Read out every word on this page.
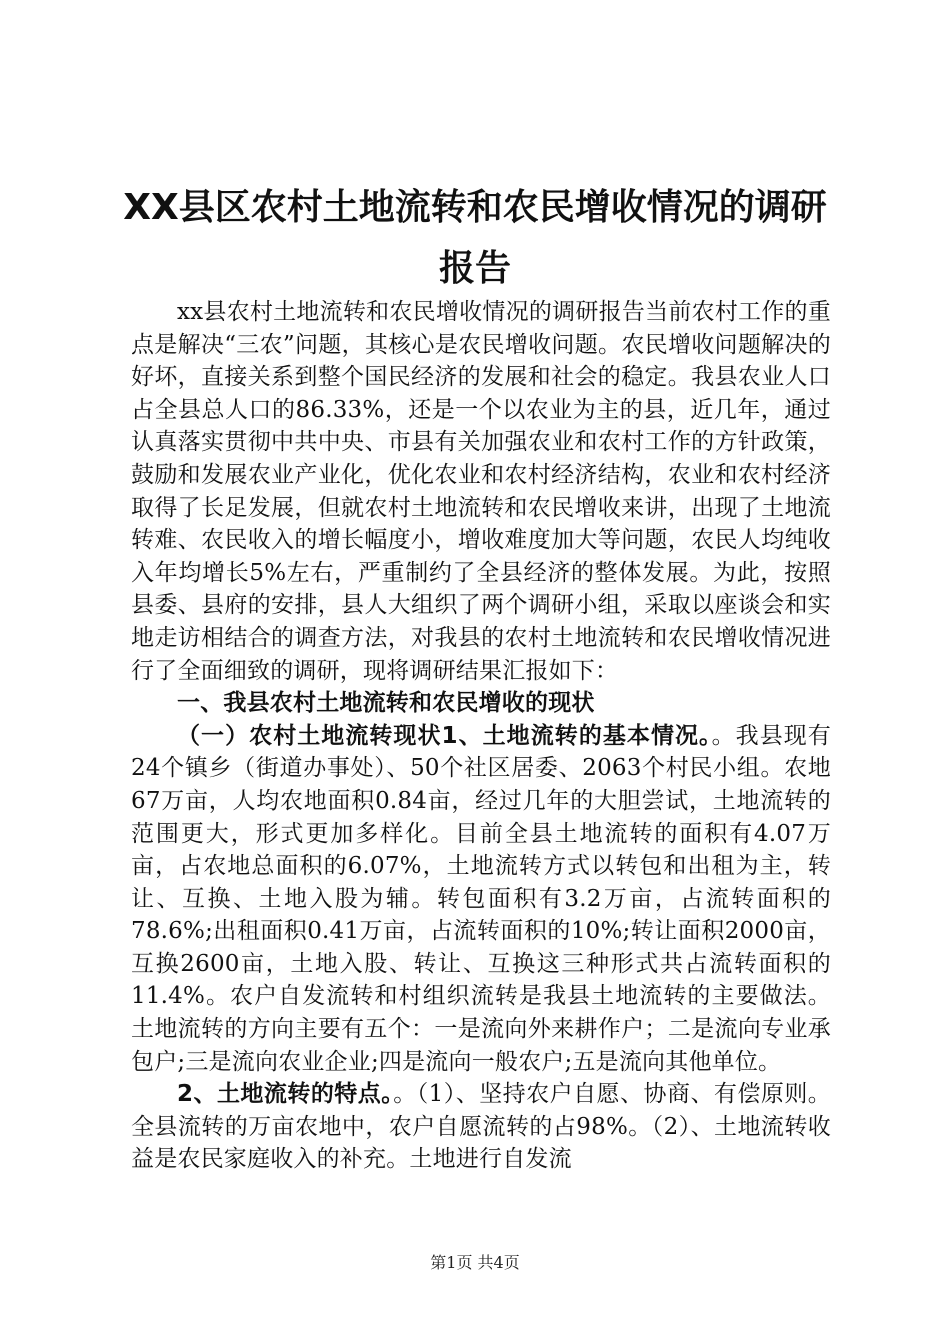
XX县区农村土地流转和农民增收情况的调研
报告

xx县农村土地流转和农民增收情况的调研报告当前农村工作的重点是解决“三农”问题，其核心是农民增收问题。农民增收问题解决的好坏，直接关系到整个国民经济的发展和社会的稳定。我县农业人口占全县总人口的86.33%，还是一个以农业为主的县，近几年，通过认真落实贯彻中共中央、市县有关加强农业和农村工作的方针政策，鼓励和发展农业产业化，优化农业和农村经济结构，农业和农村经济取得了长足发展，但就农村土地流转和农民增收来讲，出现了土地流转难、农民收入的增长幅度小，增收难度加大等问题，农民人均纯收入年均增长5%左右，严重制约了全县经济的整体发展。为此，按照县委、县府的安排，县人大组织了两个调研小组，采取以座谈会和实地走访相结合的调查方法，对我县的农村土地流转和农民增收情况进行了全面细致的调研，现将调研结果汇报如下：

一、我县农村土地流转和农民增收的现状

（一）农村土地流转现状1、土地流转的基本情况。。我县现有24个镇乡（街道办事处）、50个社区居委、2063个村民小组。农地67万亩，人均农地面积0.84亩，经过几年的大胆尝试，土地流转的范围更大，形式更加多样化。目前全县土地流转的面积有4.07万亩，占农地总面积的6.07%，土地流转方式以转包和出租为主，转让、互换、土地入股为辅。转包面积有3.2万亩，占流转面积的78.6%;出租面积0.41万亩，占流转面积的10%;转让面积2000亩，互换2600亩，土地入股、转让、互换这三种形式共占流转面积的11.4%。农户自发流转和村组织流转是我县土地流转的主要做法。土地流转的方向主要有五个：一是流向外来耕作户；二是流向专业承包户;三是流向农业企业;四是流向一般农户;五是流向其他单位。

2、土地流转的特点。。（1）、坚持农户自愿、协商、有偿原则。全县流转的万亩农地中，农户自愿流转的占98%。（2）、土地流转收益是农民家庭收入的补充。土地进行自发流

第1页 共4页
